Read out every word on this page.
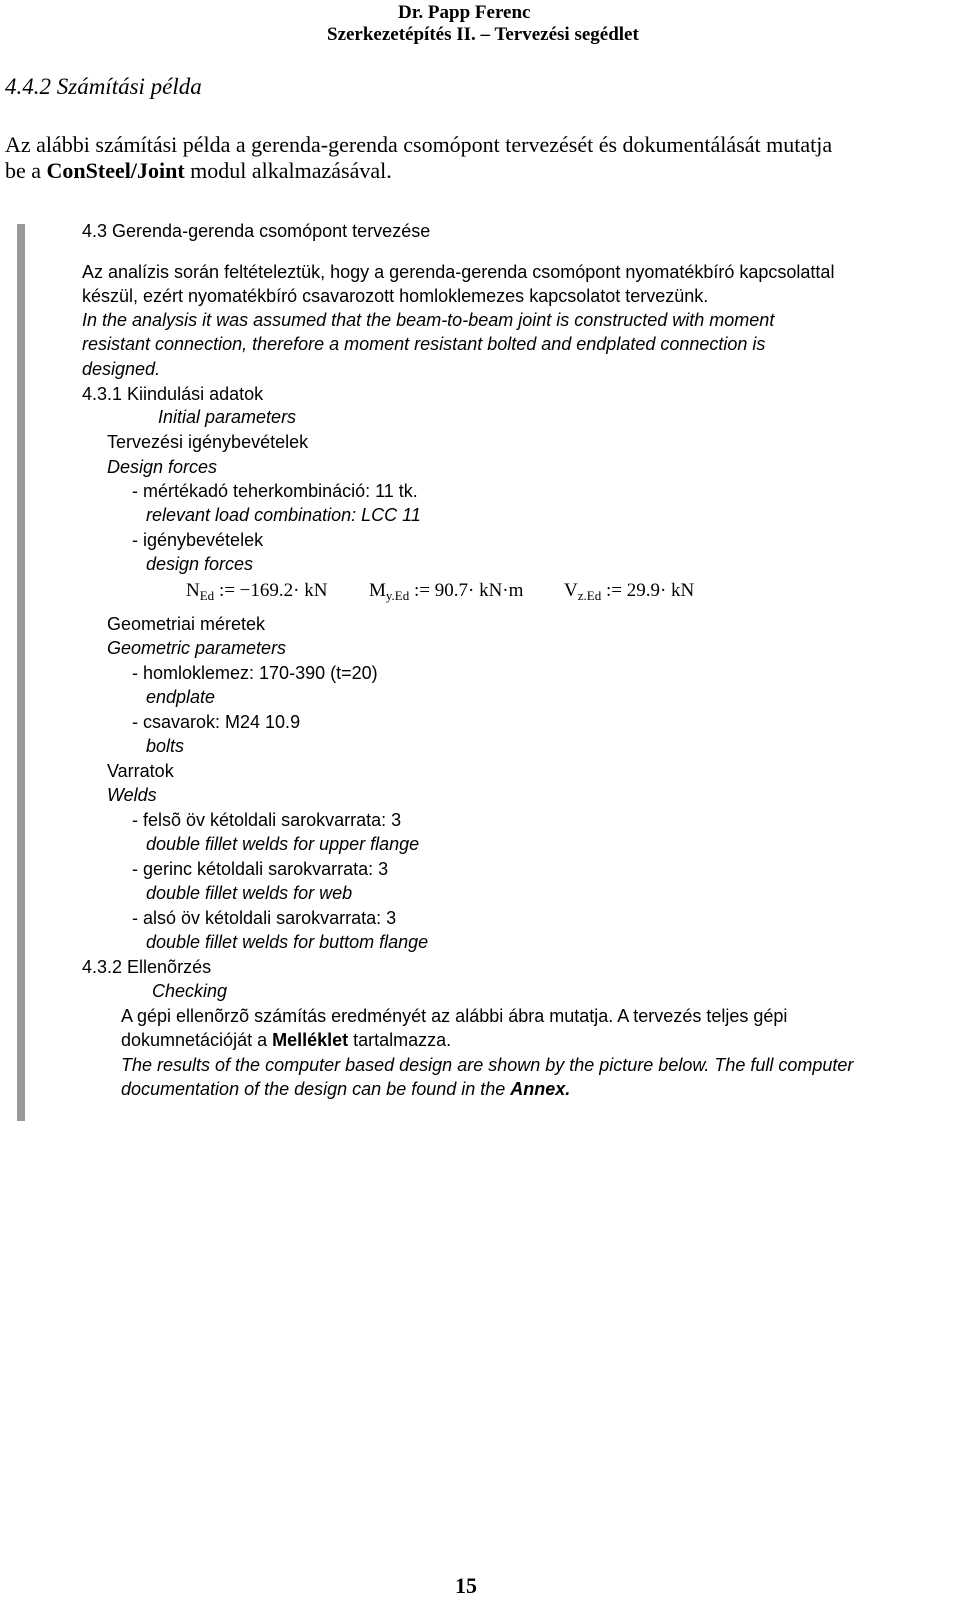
Dr. Papp Ferenc
Szerkezetépítés II. – Tervezési segédlet
4.4.2 Számítási példa
Az alábbi számítási példa a gerenda-gerenda csomópont tervezését és dokumentálását mutatja
be a ConSteel/Joint modul alkalmazásával.
4.3 Gerenda-gerenda csomópont tervezése
Az analízis során feltételeztük, hogy a gerenda-gerenda csomópont nyomatékbíró kapcsolattal
készül, ezért nyomatékbíró csavarozott homloklemezes kapcsolatot tervezünk.
In the analysis it was assumed that the beam-to-beam joint is constructed with moment
resistant connection, therefore a moment resistant bolted and endplated connection is
designed.
4.3.1 Kiindulási adatok
Initial parameters
Tervezési igénybevételek
Design forces
- mértékadó teherkombináció: 11 tk.
relevant load combination: LCC 11
- igénybevételek
design forces
$N_{Ed}$ := −169.2· kN $M_{y.Ed}$ := 90.7· kN·m $V_{z.Ed}$ := 29.9· kN
Geometriai méretek
Geometric parameters
- homloklemez: 170-390 (t=20)
endplate
- csavarok: M24 10.9
bolts
Varratok
Welds
- felsõ öv kétoldali sarokvarrata: 3
double fillet welds for upper flange
- gerinc kétoldali sarokvarrata: 3
double fillet welds for web
- alsó öv kétoldali sarokvarrata: 3
double fillet welds for buttom flange
4.3.2 Ellenõrzés
Checking
A gépi ellenõrzõ számítás eredményét az alábbi ábra mutatja. A tervezés teljes gépi
dokumnetációját a Melléklet tartalmazza.
The results of the computer based design are shown by the picture below. The full computer
documentation of the design can be found in the Annex.
15
